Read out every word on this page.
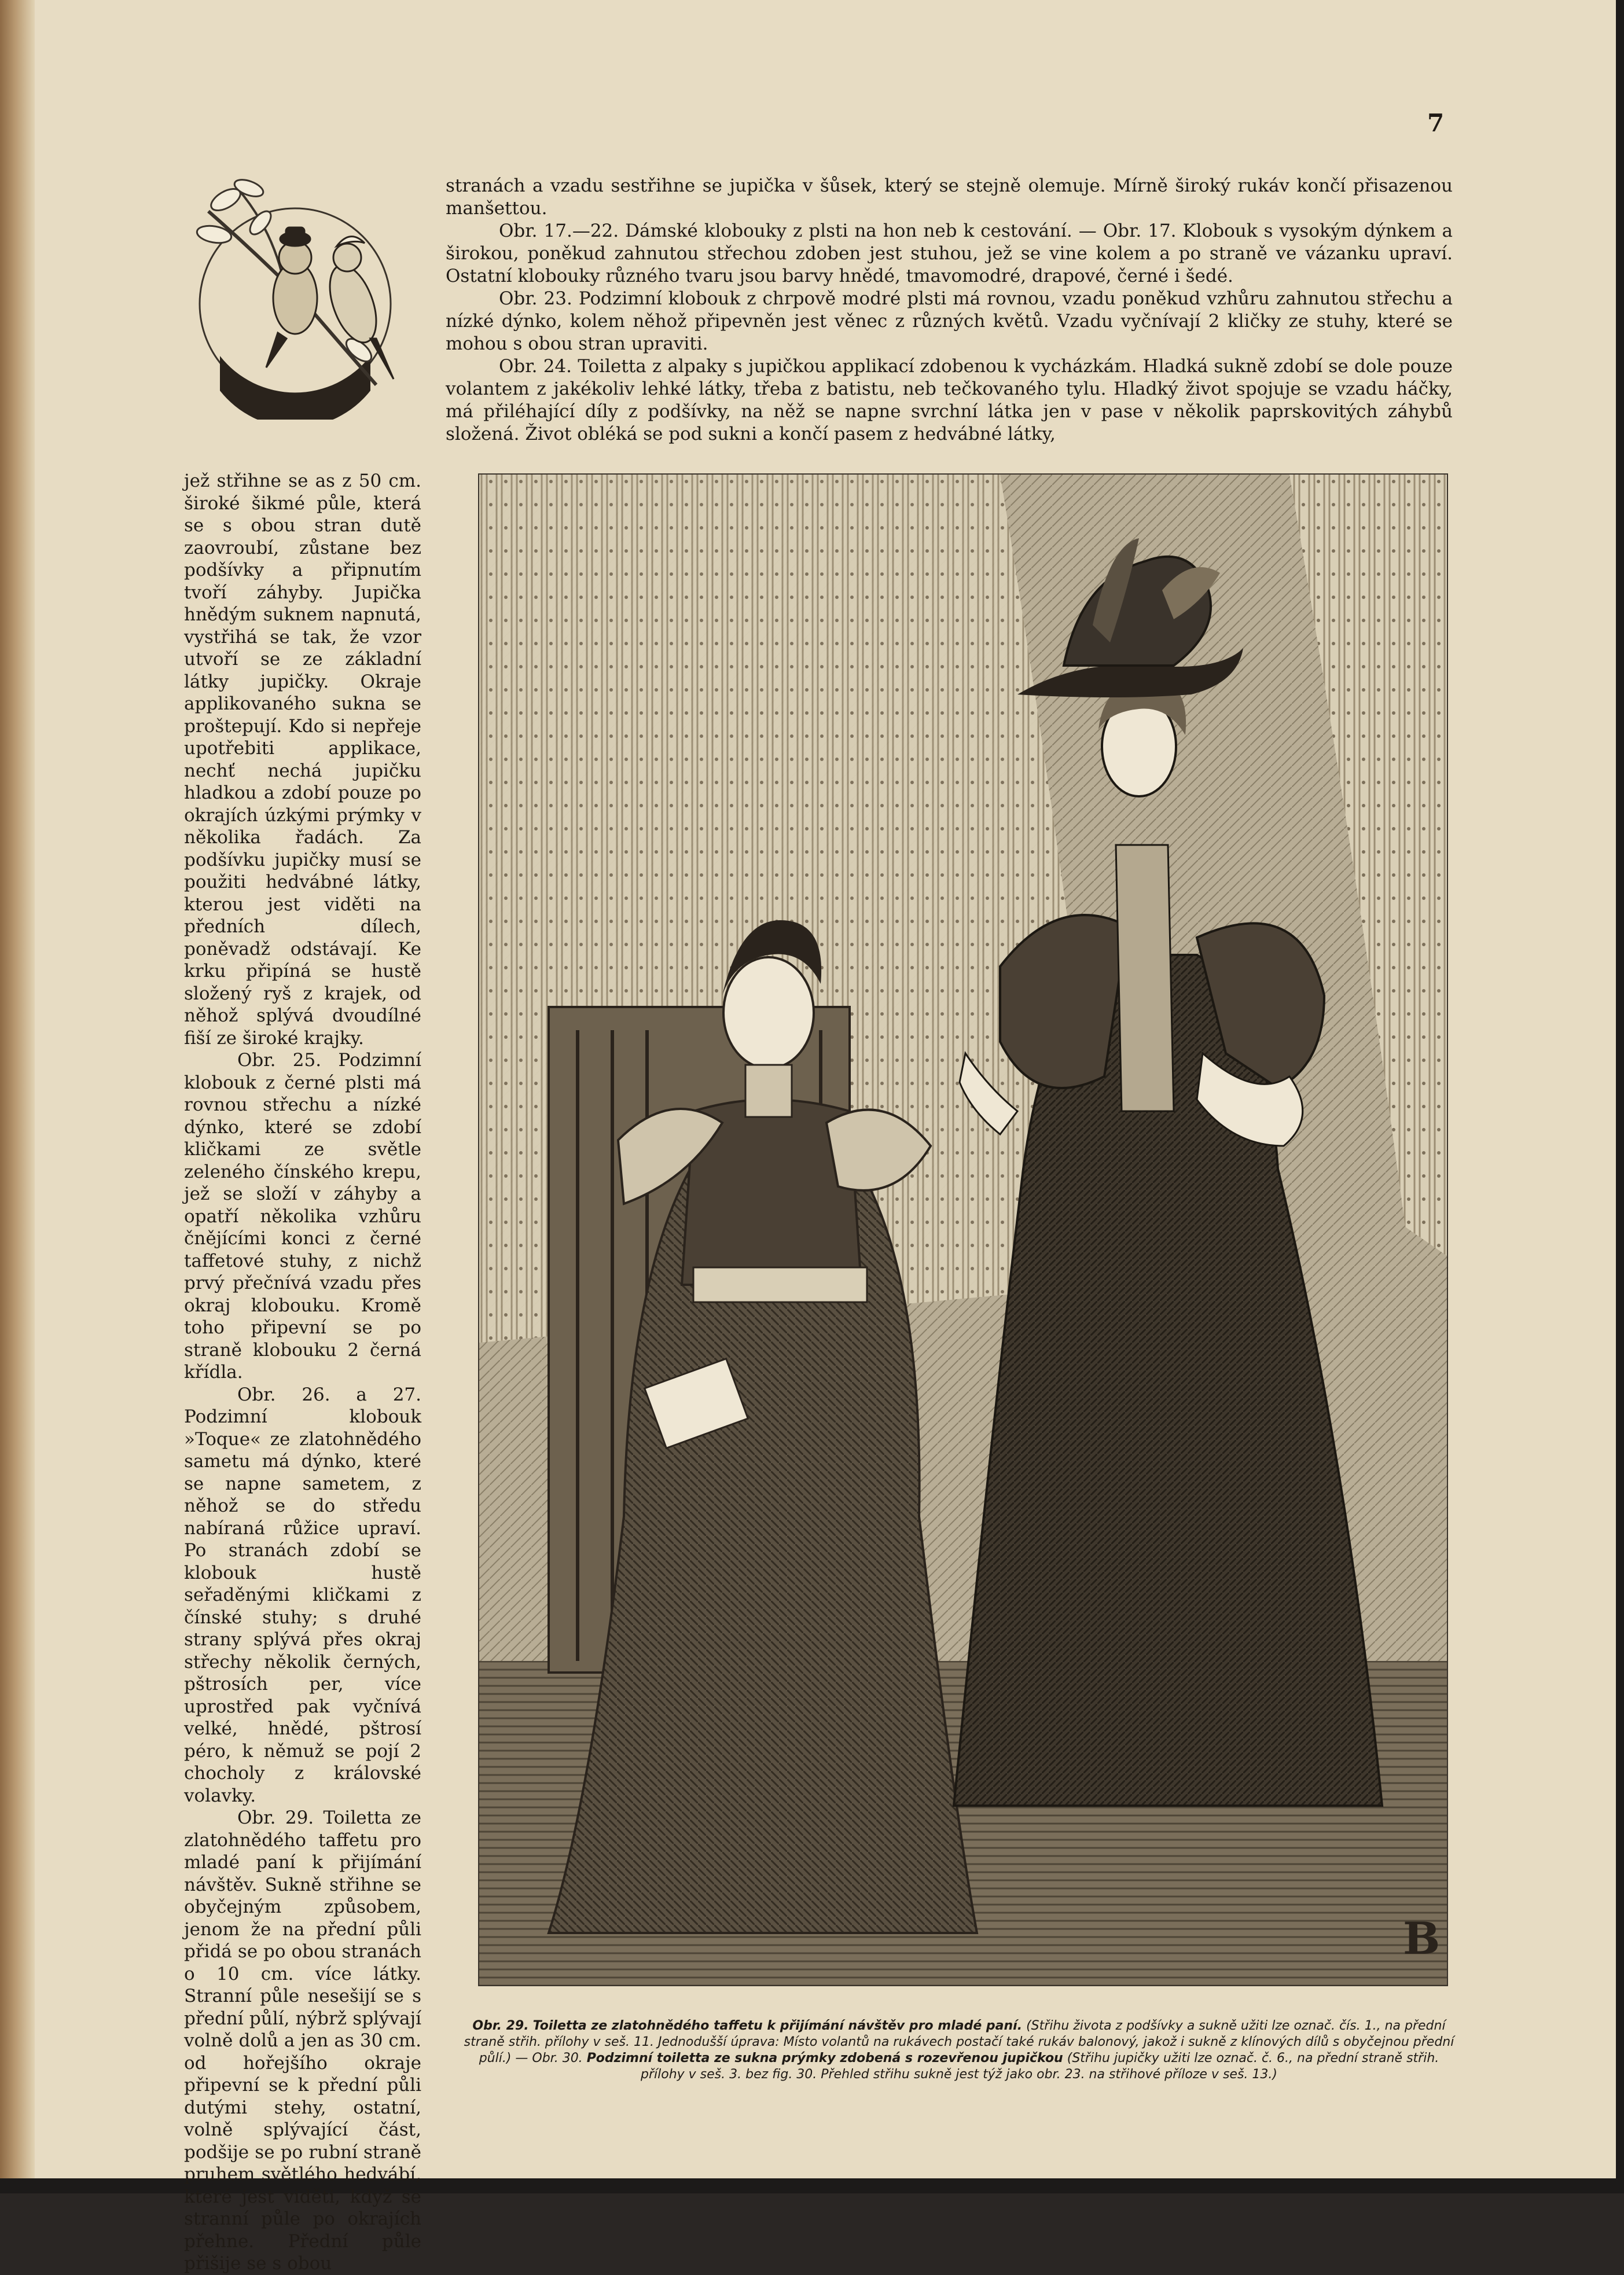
7

stranách a vzadu sestřihne se jupička v šůsek, který se stejně olemuje. Mírně široký rukáv končí přisazenou manšettou.

Obr. 17.—22. Dámské klobouky z plsti na hon neb k cestování. — Obr. 17. Klobouk s vysokým dýnkem a širokou, poněkud zahnutou střechou zdoben jest stuhou, jež se vine kolem a po straně ve vázanku upraví. Ostatní klobouky různého tvaru jsou barvy hnědé, tmavomodré, drapové, černé i šedé.

Obr. 23. Podzimní klobouk z chrpově modré plsti má rovnou, vzadu poněkud vzhůru zahnutou střechu a nízké dýnko, kolem něhož připevněn jest věnec z různých květů. Vzadu vyčnívají 2 kličky ze stuhy, které se mohou s obou stran upraviti.

Obr. 24. Toiletta z alpaky s jupičkou applikací zdobenou k vycházkám. Hladká sukně zdobí se dole pouze volantem z jakékoliv lehké látky, třeba z batistu, neb tečkovaného tylu. Hladký život spojuje se vzadu háčky, má přiléhající díly z podšívky, na něž se napne svrchní látka jen v pase v několik paprskovitých záhybů složená. Život obléká se pod sukni a končí pasem z hedvábné látky,

jež střihne se as z 50 cm. široké šikmé půle, která se s obou stran dutě zaovroubí, zůstane bez podšívky a připnutím tvoří záhyby. Jupička hnědým suknem napnutá, vystřihá se tak, že vzor utvoří se ze základní látky jupičky. Okraje applikovaného sukna se proštepují. Kdo si nepřeje upotřebiti applikace, nechť nechá jupičku hladkou a zdobí pouze po okrajích úzkými prýmky v několika řadách. Za podšívku jupičky musí se použiti hedvábné látky, kterou jest viděti na předních dílech, poněvadž odstávají. Ke krku připíná se hustě složený ryš z krajek, od něhož splývá dvoudílné fiší ze široké krajky.

Obr. 25. Podzimní klobouk z černé plsti má rovnou střechu a nízké dýnko, které se zdobí kličkami ze světle zeleného čínského krepu, jež se složí v záhyby a opatří několika vzhůru čnějícími konci z černé taffetové stuhy, z nichž prvý přečnívá vzadu přes okraj klobouku. Kromě toho připevní se po straně klobouku 2 černá křídla.

Obr. 26. a 27. Podzimní klobouk »Toque« ze zlatohnědého sametu má dýnko, které se napne sametem, z něhož se do středu nabíraná růžice upraví. Po stranách zdobí se klobouk hustě seřaděnými kličkami z čínské stuhy; s druhé strany splývá přes okraj střechy několik černých, pštrosích per, více uprostřed pak vyčnívá velké, hnědé, pštrosí péro, k němuž se pojí 2 chocholy z královské volavky.

Obr. 29. Toiletta ze zlatohnědého taffetu pro mladé paní k přijímání návštěv. Sukně střihne se obyčejným způsobem, jenom že na přední půli přidá se po obou stranách o 10 cm. více látky. Stranní půle nesešijí se s přední půlí, nýbrž splývají volně dolů a jen as 30 cm. od hořejšího okraje připevní se k přední půli dutými stehy, ostatní, volně splývající část, podšije se po rubní straně pruhem světlého hedvábí, které jest viděti, když se stranní půle po okrajích přehne. Přední půle přišije se s obou

B
Obr. 29. Toiletta ze zlatohnědého taffetu k přijímání návštěv pro mladé paní. (Střihu života z podšívky a sukně užiti lze označ. čís. 1., na přední straně střih. přílohy v seš. 11. Jednodušší úprava: Místo volantů na rukávech postačí také rukáv balonový, jakož i sukně z klínových dílů s obyčejnou přední půlí.) — Obr. 30. Podzimní toiletta ze sukna prýmky zdobená s rozevřenou jupičkou (Střihu jupičky užiti lze označ. č. 6., na přední straně střih. přílohy v seš. 3. bez fig. 30. Přehled střihu sukně jest týž jako obr. 23. na střihové příloze v seš. 13.)
